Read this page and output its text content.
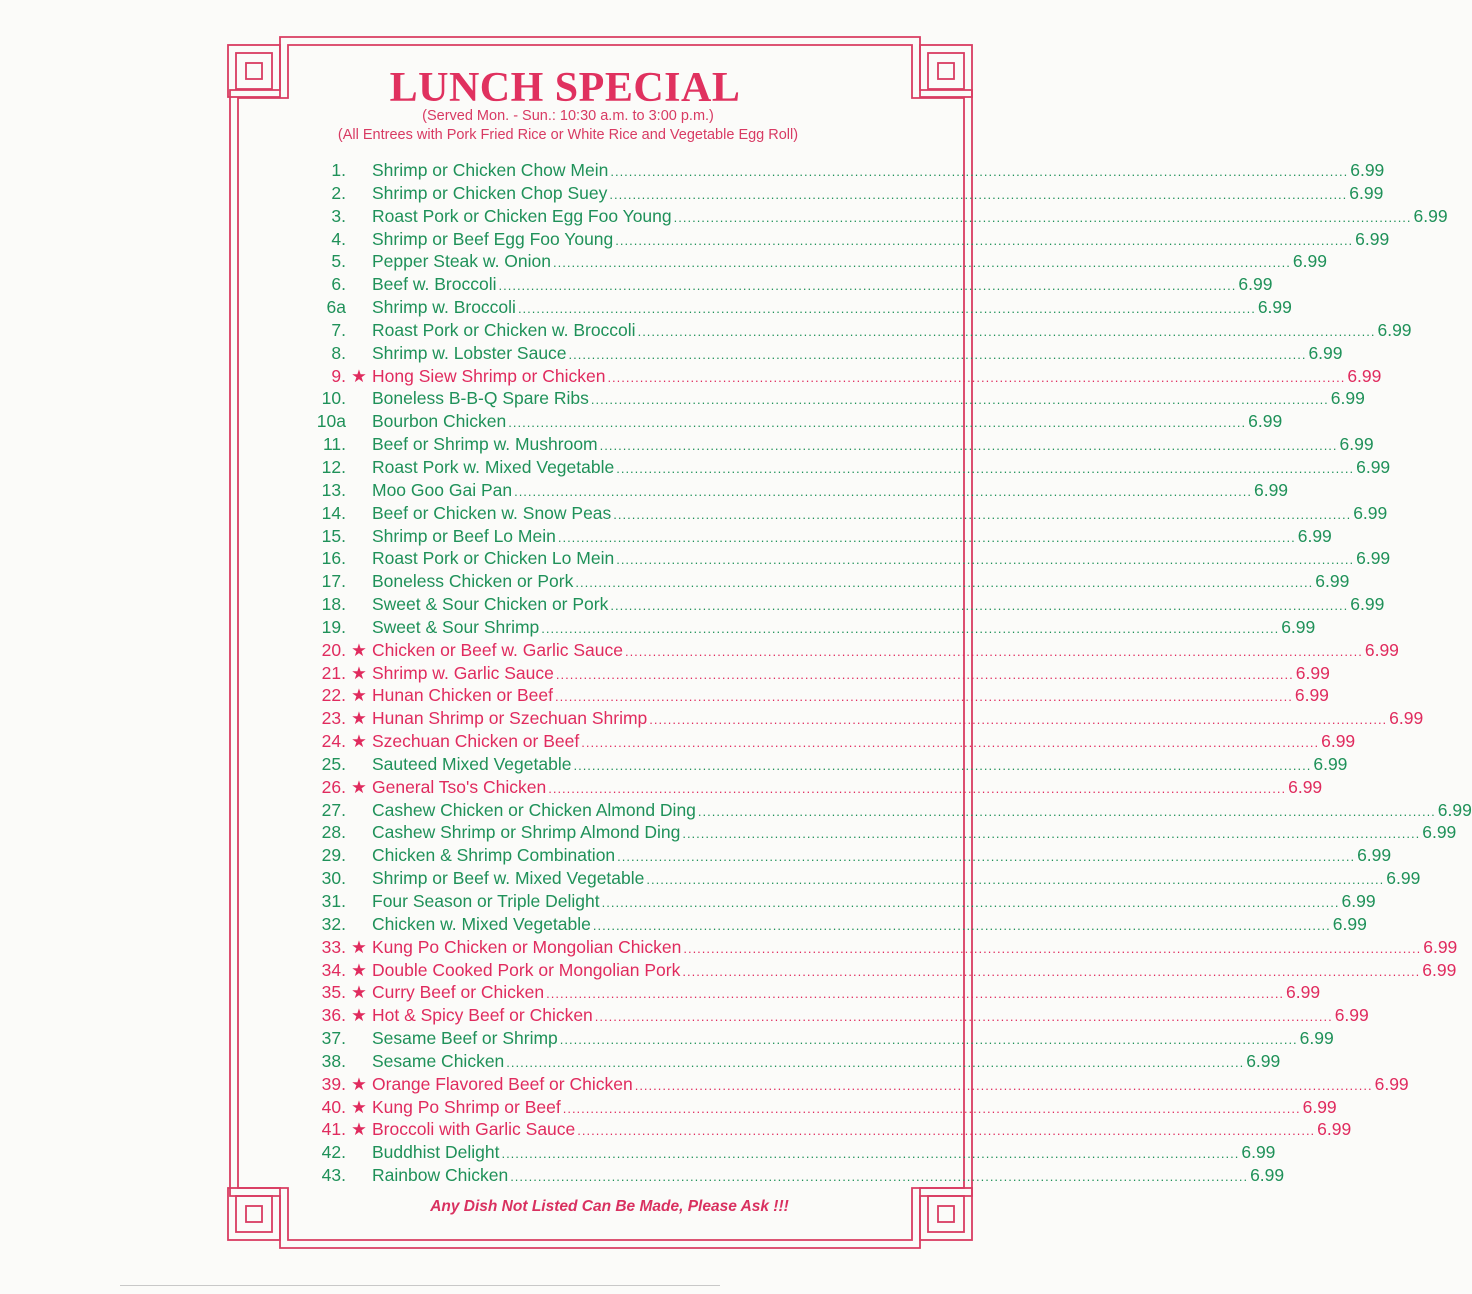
LUNCH SPECIAL
(Served Mon. - Sun.: 10:30 a.m. to 3:00 p.m.)
(All Entrees with Pork Fried Rice or White Rice and Vegetable Egg Roll)
1. Shrimp or Chicken Chow Mein ................................................................................................................................................................ 6.99
2. Shrimp or Chicken Chop Suey ................................................................................................................................................................ 6.99
3. Roast Pork or Chicken Egg Foo Young ................................................................................................................................................................ 6.99
4. Shrimp or Beef Egg Foo Young ................................................................................................................................................................ 6.99
5. Pepper Steak w. Onion ................................................................................................................................................................ 6.99
6. Beef w. Broccoli ................................................................................................................................................................ 6.99
6a Shrimp w. Broccoli ................................................................................................................................................................ 6.99
7. Roast Pork or Chicken w. Broccoli ................................................................................................................................................................ 6.99
8. Shrimp w. Lobster Sauce ................................................................................................................................................................ 6.99
9. ★ Hong Siew Shrimp or Chicken ................................................................................................................................................................ 6.99
10. Boneless B-B-Q Spare Ribs ................................................................................................................................................................ 6.99
10a Bourbon Chicken ................................................................................................................................................................ 6.99
11. Beef or Shrimp w. Mushroom ................................................................................................................................................................ 6.99
12. Roast Pork w. Mixed Vegetable ................................................................................................................................................................ 6.99
13. Moo Goo Gai Pan ................................................................................................................................................................ 6.99
14. Beef or Chicken w. Snow Peas ................................................................................................................................................................ 6.99
15. Shrimp or Beef Lo Mein ................................................................................................................................................................ 6.99
16. Roast Pork or Chicken Lo Mein ................................................................................................................................................................ 6.99
17. Boneless Chicken or Pork ................................................................................................................................................................ 6.99
18. Sweet & Sour Chicken or Pork ................................................................................................................................................................ 6.99
19. Sweet & Sour Shrimp ................................................................................................................................................................ 6.99
20. ★ Chicken or Beef w. Garlic Sauce ................................................................................................................................................................ 6.99
21. ★ Shrimp w. Garlic Sauce ................................................................................................................................................................ 6.99
22. ★ Hunan Chicken or Beef ................................................................................................................................................................ 6.99
23. ★ Hunan Shrimp or Szechuan Shrimp ................................................................................................................................................................ 6.99
24. ★ Szechuan Chicken or Beef ................................................................................................................................................................ 6.99
25. Sauteed Mixed Vegetable ................................................................................................................................................................ 6.99
26. ★ General Tso's Chicken ................................................................................................................................................................ 6.99
27. Cashew Chicken or Chicken Almond Ding ................................................................................................................................................................ 6.99
28. Cashew Shrimp or Shrimp Almond Ding ................................................................................................................................................................ 6.99
29. Chicken & Shrimp Combination ................................................................................................................................................................ 6.99
30. Shrimp or Beef w. Mixed Vegetable ................................................................................................................................................................ 6.99
31. Four Season or Triple Delight ................................................................................................................................................................ 6.99
32. Chicken w. Mixed Vegetable ................................................................................................................................................................ 6.99
33. ★ Kung Po Chicken or Mongolian Chicken ................................................................................................................................................................ 6.99
34. ★ Double Cooked Pork or Mongolian Pork ................................................................................................................................................................ 6.99
35. ★ Curry Beef or Chicken ................................................................................................................................................................ 6.99
36. ★ Hot & Spicy Beef or Chicken ................................................................................................................................................................ 6.99
37. Sesame Beef or Shrimp ................................................................................................................................................................ 6.99
38. Sesame Chicken ................................................................................................................................................................ 6.99
39. ★ Orange Flavored Beef or Chicken ................................................................................................................................................................ 6.99
40. ★ Kung Po Shrimp or Beef ................................................................................................................................................................ 6.99
41. ★ Broccoli with Garlic Sauce ................................................................................................................................................................ 6.99
42. Buddhist Delight ................................................................................................................................................................ 6.99
43. Rainbow Chicken ................................................................................................................................................................ 6.99
Any Dish Not Listed Can Be Made, Please Ask !!!
